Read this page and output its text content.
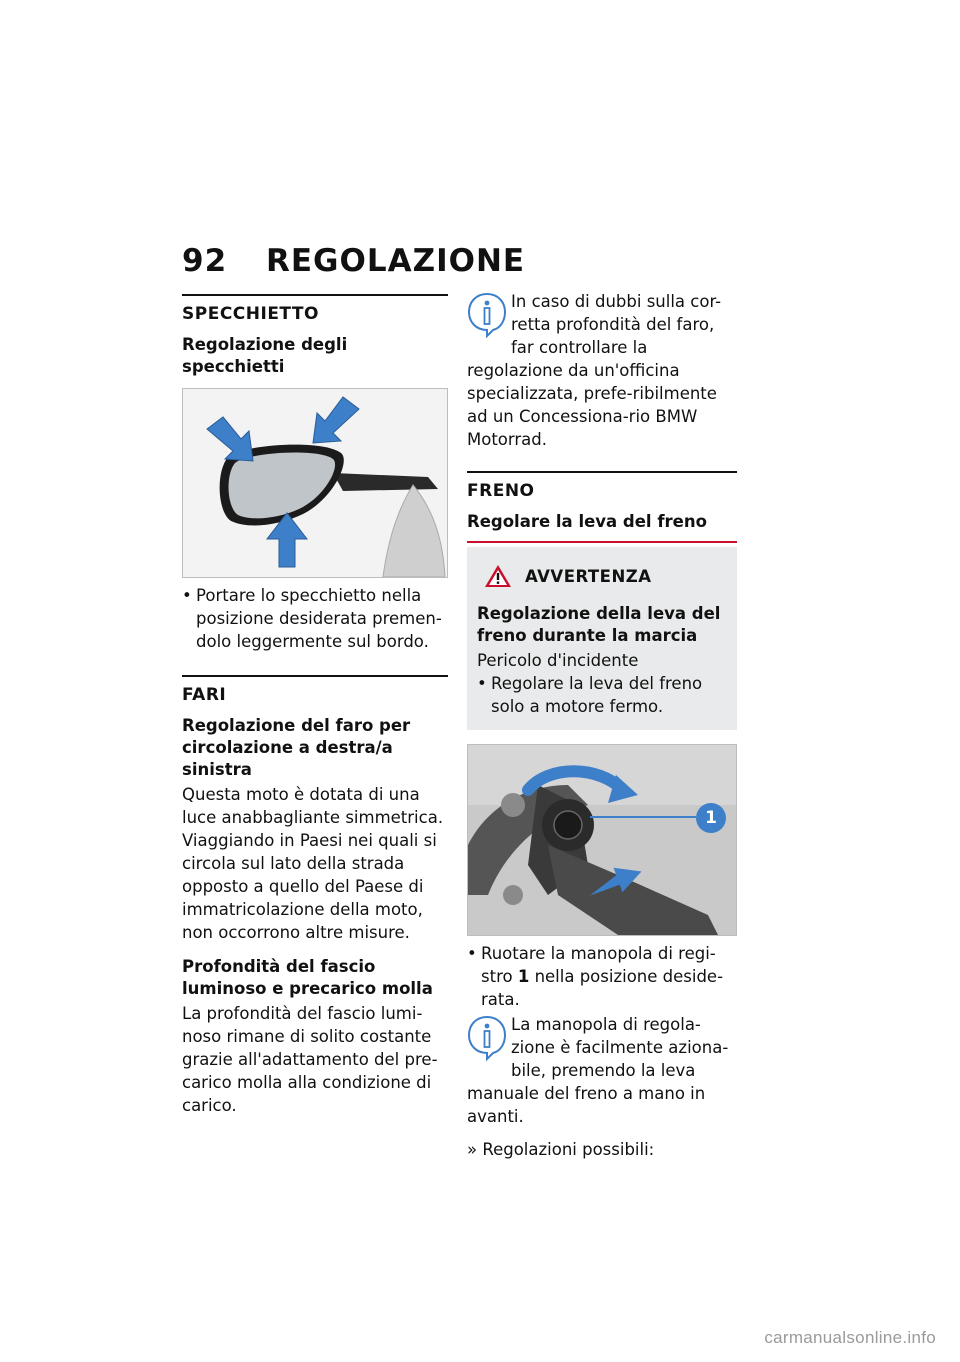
92 REGOLAZIONE
SPECCHIETTO
Regolazione degli specchietti
• Portare lo specchietto nella posizione desiderata premen-dolo leggermente sul bordo.
FARI
Regolazione del faro per circolazione a destra/a sinistra

Questa moto è dotata di una luce anabbagliante simmetrica. Viaggiando in Paesi nei quali si circola sul lato della strada opposto a quello del Paese di immatricolazione della moto, non occorrono altre misure.

Profondità del fascio luminoso e precarico molla

La profondità del fascio lumi-noso rimane di solito costante grazie all'adattamento del pre-carico molla alla condizione di carico.

In caso di dubbi sulla cor-retta profondità del faro, far controllare la regolazione da un'officina specializzata, prefe-ribilmente ad un Concessiona-rio BMW Motorrad.
FRENO
Regolare la leva del freno
AVVERTENZA
Regolazione della leva del freno durante la marcia
Pericolo d'incidente
• Regolare la leva del freno solo a motore fermo.
1
• Ruotare la manopola di regi-stro 1 nella posizione deside-rata.
La manopola di regola-zione è facilmente aziona-bile, premendo la leva manuale del freno a mano in avanti.
» Regolazioni possibili:
carmanualsonline.info
